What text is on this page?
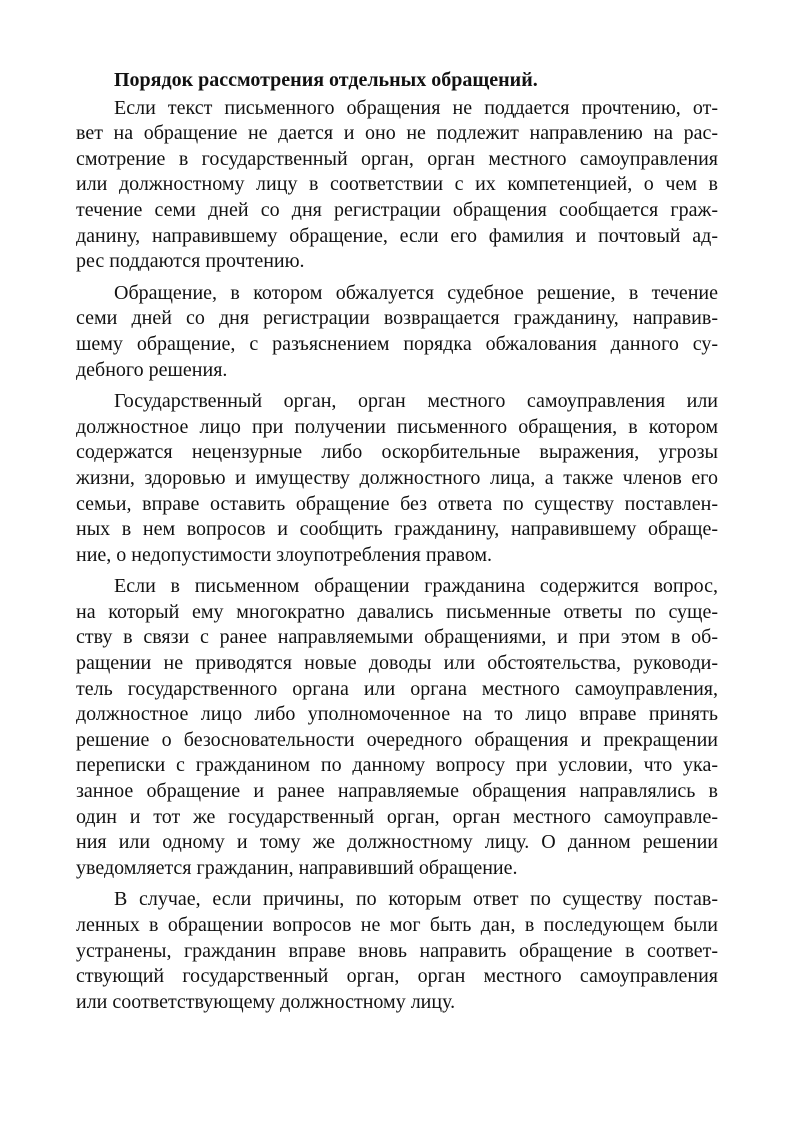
Порядок рассмотрения отдельных обращений.
Если текст письменного обращения не поддается прочтению, от-
вет на обращение не дается и оно не подлежит направлению на рас-
смотрение в государственный орган, орган местного самоуправления
или должностному лицу в соответствии с их компетенцией, о чем в
течение семи дней со дня регистрации обращения сообщается граж-
данину, направившему обращение, если его фамилия и почтовый ад-
рес поддаются прочтению.
Обращение, в котором обжалуется судебное решение, в течение
семи дней со дня регистрации возвращается гражданину, направив-
шему обращение, с разъяснением порядка обжалования данного су-
дебного решения.
Государственный орган, орган местного самоуправления или
должностное лицо при получении письменного обращения, в котором
содержатся нецензурные либо оскорбительные выражения, угрозы
жизни, здоровью и имуществу должностного лица, а также членов его
семьи, вправе оставить обращение без ответа по существу поставлен-
ных в нем вопросов и сообщить гражданину, направившему обраще-
ние, о недопустимости злоупотребления правом.
Если в письменном обращении гражданина содержится вопрос,
на который ему многократно давались письменные ответы по суще-
ству в связи с ранее направляемыми обращениями, и при этом в об-
ращении не приводятся новые доводы или обстоятельства, руководи-
тель государственного органа или органа местного самоуправления,
должностное лицо либо уполномоченное на то лицо вправе принять
решение о безосновательности очередного обращения и прекращении
переписки с гражданином по данному вопросу при условии, что ука-
занное обращение и ранее направляемые обращения направлялись в
один и тот же государственный орган, орган местного самоуправле-
ния или одному и тому же должностному лицу. О данном решении
уведомляется гражданин, направивший обращение.
В случае, если причины, по которым ответ по существу постав-
ленных в обращении вопросов не мог быть дан, в последующем были
устранены, гражданин вправе вновь направить обращение в соответ-
ствующий государственный орган, орган местного самоуправления
или соответствующему должностному лицу.
